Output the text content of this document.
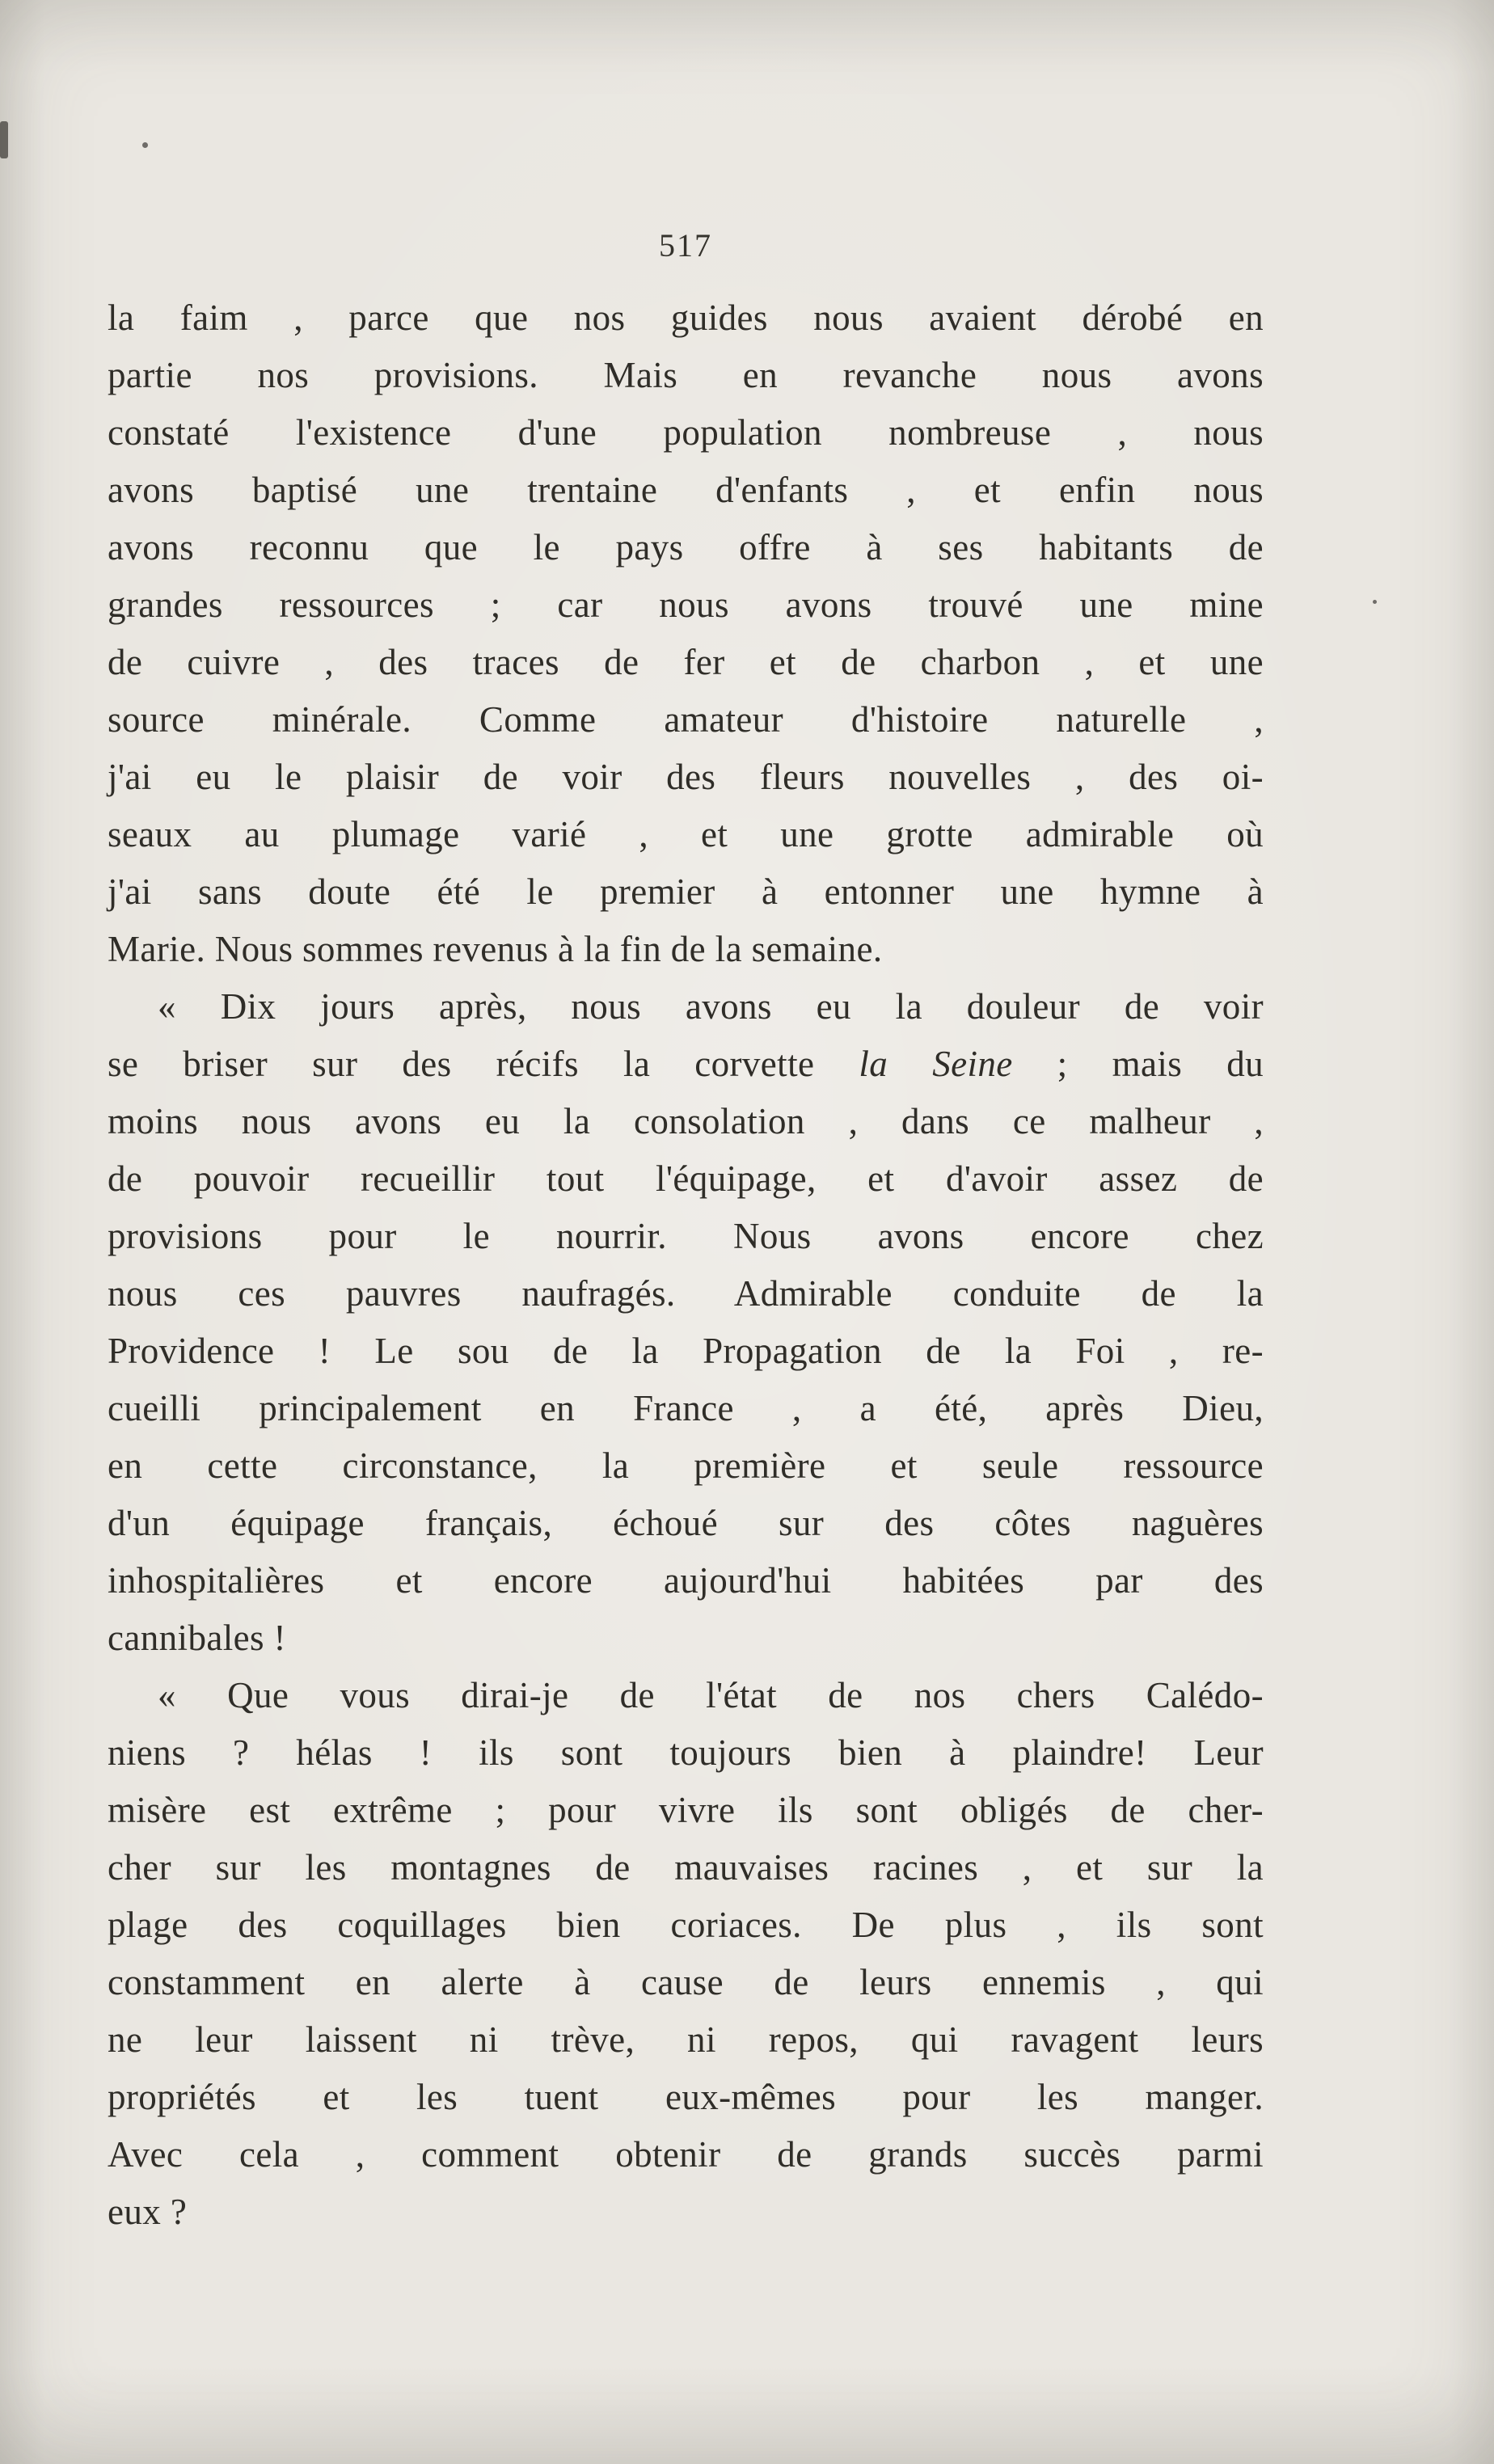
517
la faim , parce que nos guides nous avaient dérobé en
partie nos provisions. Mais en revanche nous avons
constaté l'existence d'une population nombreuse , nous
avons baptisé une trentaine d'enfants , et enfin nous
avons reconnu que le pays offre à ses habitants de
grandes ressources ; car nous avons trouvé une mine
de cuivre , des traces de fer et de charbon , et une
source minérale. Comme amateur d'histoire naturelle ,
j'ai eu le plaisir de voir des fleurs nouvelles , des oi-
seaux au plumage varié , et une grotte admirable où
j'ai sans doute été le premier à entonner une hymne à
Marie. Nous sommes revenus à la fin de la semaine.
« Dix jours après, nous avons eu la douleur de voir
se briser sur des récifs la corvette la Seine ; mais du
moins nous avons eu la consolation , dans ce malheur ,
de pouvoir recueillir tout l'équipage, et d'avoir assez de
provisions pour le nourrir. Nous avons encore chez
nous ces pauvres naufragés. Admirable conduite de la
Providence ! Le sou de la Propagation de la Foi , re-
cueilli principalement en France , a été, après Dieu,
en cette circonstance, la première et seule ressource
d'un équipage français, échoué sur des côtes naguères
inhospitalières et encore aujourd'hui habitées par des
cannibales !
« Que vous dirai-je de l'état de nos chers Calédo-
niens ? hélas ! ils sont toujours bien à plaindre! Leur
misère est extrême ; pour vivre ils sont obligés de cher-
cher sur les montagnes de mauvaises racines , et sur la
plage des coquillages bien coriaces. De plus , ils sont
constamment en alerte à cause de leurs ennemis , qui
ne leur laissent ni trève, ni repos, qui ravagent leurs
propriétés et les tuent eux-mêmes pour les manger.
Avec cela , comment obtenir de grands succès parmi
eux ?
